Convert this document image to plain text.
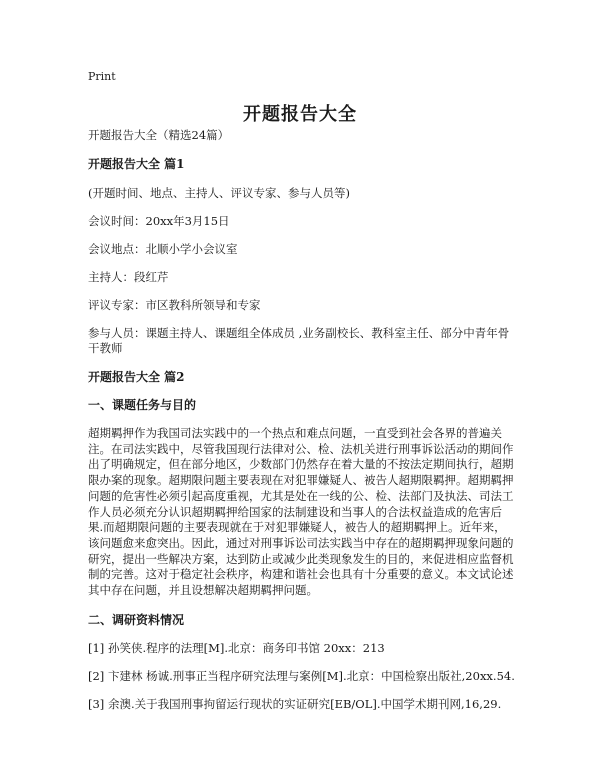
Print
开题报告大全

开题报告大全（精选24篇）

开题报告大全 篇1

(开题时间、地点、主持人、评议专家、参与人员等)

会议时间：20xx年3月15日

会议地点：北顺小学小会议室

主持人：段红芹

评议专家：市区教科所领导和专家

参与人员：课题主持人、课题组全体成员 ,业务副校长、教科室主任、部分中青年骨干教师

开题报告大全 篇2

一、课题任务与目的

超期羁押作为我国司法实践中的一个热点和难点问题，一直受到社会各界的普遍关注。在司法实践中，尽管我国现行法律对公、检、法机关进行刑事诉讼活动的期间作出了明确规定，但在部分地区，少数部门仍然存在着大量的不按法定期间执行，超期限办案的现象。超期限问题主要表现在对犯罪嫌疑人、被告人超期限羁押。超期羁押问题的危害性必须引起高度重视，尤其是处在一线的公、检、法部门及执法、司法工作人员必须充分认识超期羁押给国家的法制建设和当事人的合法权益造成的危害后果.而超期限问题的主要表现就在于对犯罪嫌疑人，被告人的超期羁押上。近年来，该问题愈来愈突出。因此，通过对刑事诉讼司法实践当中存在的超期羁押现象问题的研究，提出一些解决方案，达到防止或减少此类现象发生的目的，来促进相应监督机制的完善。这对于稳定社会秩序，构建和谐社会也具有十分重要的意义。本文试论述其中存在问题，并且设想解决超期羁押问题。

二、调研资料情况

[1] 孙笑侠.程序的法理[M].北京：商务印书馆 20xx：213

[2] 卞建林 杨诚.刑事正当程序研究法理与案例[M].北京：中国检察出版社,20xx.54.

[3] 余澳.关于我国刑事拘留运行现状的实证研究[EB/OL].中国学术期刊网,16,29.
